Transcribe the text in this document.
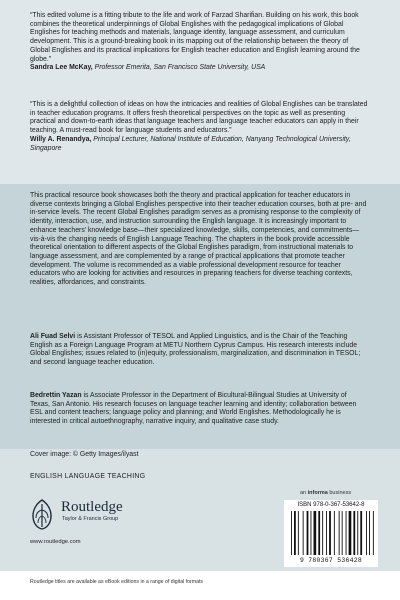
“This edited volume is a fitting tribute to the life and work of Farzad Sharifian. Building on his work, this book combines the theoretical underpinnings of Global Englishes with the pedagogical implications of Global Englishes for teaching methods and materials, language identity, language assessment, and curriculum development. This is a ground-breaking book in its mapping out of the relationship between the theory of Global Englishes and its practical implications for English teacher education and English learning around the globe.”

Sandra Lee McKay, Professor Emerita, San Francisco State University, USA

“This is a delightful collection of ideas on how the intricacies and realities of Global Englishes can be translated in teacher education programs. It offers fresh theoretical perspectives on the topic as well as presenting practical and down-to-earth ideas that language teachers and language teacher educators can apply in their teaching. A must-read book for language students and educators.”

Willy A. Renandya, Principal Lecturer, National Institute of Education, Nanyang Technological University, Singapore

This practical resource book showcases both the theory and practical application for teacher educators in diverse contexts bringing a Global Englishes perspective into their teacher education courses, both at pre- and in-service levels. The recent Global Englishes paradigm serves as a promising response to the complexity of identity, interaction, use, and instruction surrounding the English language. It is increasingly important to enhance teachers’ knowledge base—their specialized knowledge, skills, competencies, and commitments—vis-à-vis the changing needs of English Language Teaching. The chapters in the book provide accessible theoretical orientation to different aspects of the Global Englishes paradigm, from instructional materials to language assessment, and are complemented by a range of practical applications that promote teacher development. The volume is recommended as a viable professional development resource for teacher educators who are looking for activities and resources in preparing teachers for diverse teaching contexts, realities, affordances, and constraints.

Ali Fuad Selvi is Assistant Professor of TESOL and Applied Linguistics, and is the Chair of the Teaching English as a Foreign Language Program at METU Northern Cyprus Campus. His research interests include Global Englishes; issues related to (in)equity, professionalism, marginalization, and discrimination in TESOL; and second language teacher education.

Bedrettin Yazan is Associate Professor in the Department of Bicultural-Bilingual Studies at University of Texas, San Antonio. His research focuses on language teacher learning and identity; collaboration between ESL and content teachers; language policy and planning; and World Englishes. Methodologically he is interested in critical autoethnography, narrative inquiry, and qualitative case study.

Cover image: © Getty Images/ilyast
ENGLISH LANGUAGE TEACHING
Routledge
Taylor & Francis Group
www.routledge.com
an informa business
ISBN 978-0-367-53642-8
9 780367 536428
Routledge titles are available as eBook editions in a range of digital formats
